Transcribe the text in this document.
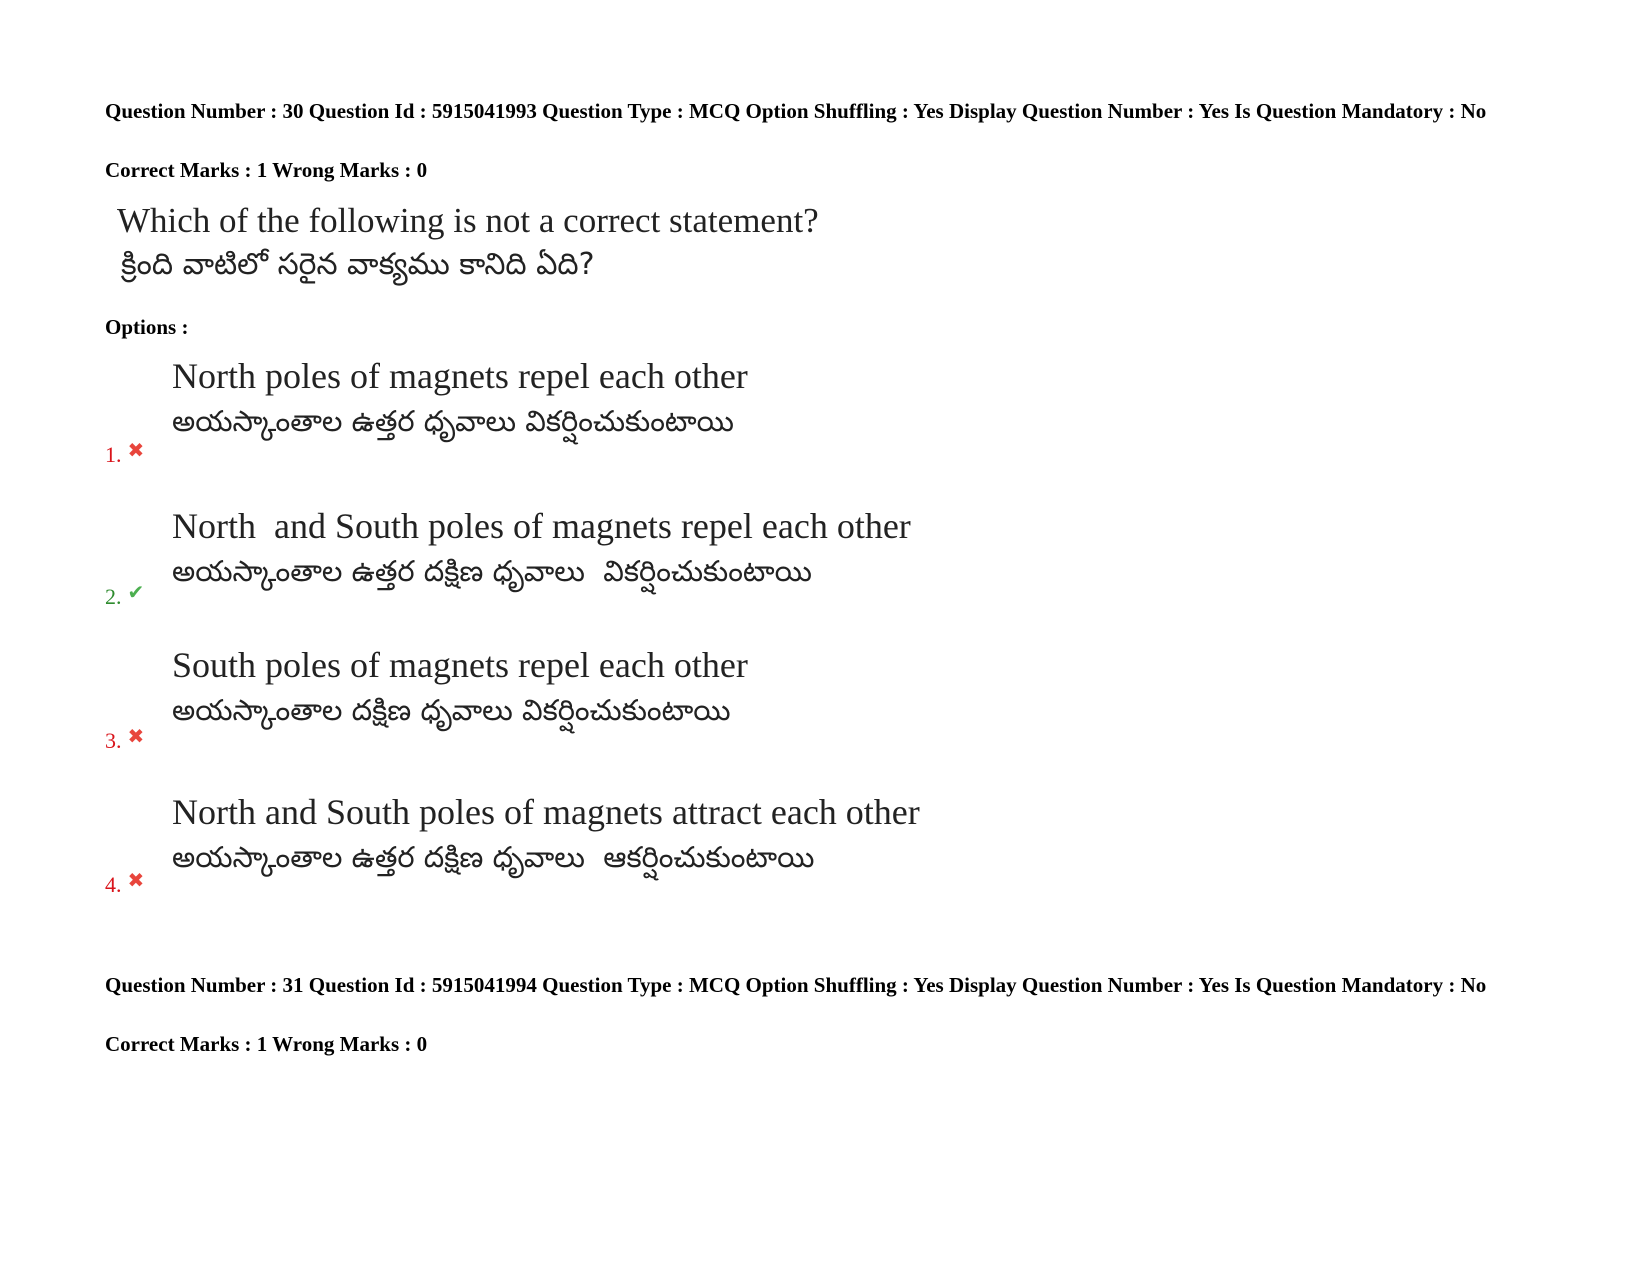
Question Number : 30 Question Id : 5915041993 Question Type : MCQ Option Shuffling : Yes Display Question Number : Yes Is Question Mandatory : No
Correct Marks : 1 Wrong Marks : 0
Which of the following is not a correct statement?
క్రింది వాటిలో సరైన వాక్యము కానిది ఏది?
Options :
North poles of magnets repel each other
అయస్కాంతాల ఉత్తర ధృవాలు వికర్షించుకుంటాయి
1. ✖
North  and South poles of magnets repel each other
అయస్కాంతాల ఉత్తర దక్షిణ ధృవాలు  వికర్షించుకుంటాయి
2. ✔
South poles of magnets repel each other
అయస్కాంతాల దక్షిణ ధృవాలు వికర్షించుకుంటాయి
3. ✖
North and South poles of magnets attract each other
అయస్కాంతాల ఉత్తర దక్షిణ ధృవాలు  ఆకర్షించుకుంటాయి
4. ✖
Question Number : 31 Question Id : 5915041994 Question Type : MCQ Option Shuffling : Yes Display Question Number : Yes Is Question Mandatory : No
Correct Marks : 1 Wrong Marks : 0
